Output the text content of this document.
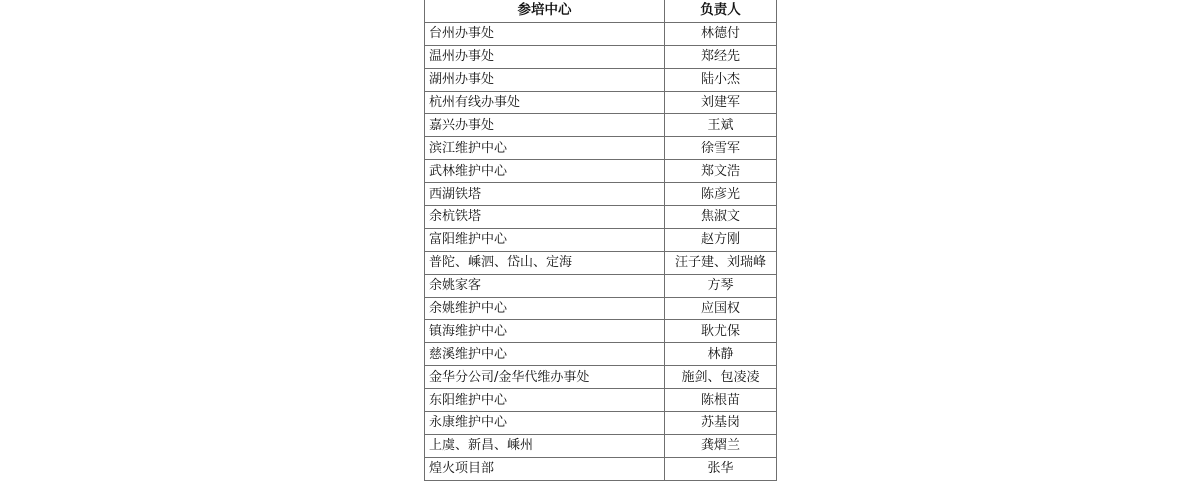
参培中心	负责人
台州办事处	林德付
温州办事处	郑经先
湖州办事处	陆小杰
杭州有线办事处	刘建军
嘉兴办事处	王斌
滨江维护中心	徐雪军
武林维护中心	郑文浩
西湖铁塔	陈彦光
余杭铁塔	焦淑文
富阳维护中心	赵方刚
普陀、嵊泗、岱山、定海	汪子建、刘瑞峰
余姚家客	方琴
余姚维护中心	应国权
镇海维护中心	耿尤保
慈溪维护中心	林静
金华分公司/金华代维办事处	施剑、包凌凌
东阳维护中心	陈根苗
永康维护中心	苏基岗
上虞、新昌、嵊州	龚熠兰
煌火项目部	张华
